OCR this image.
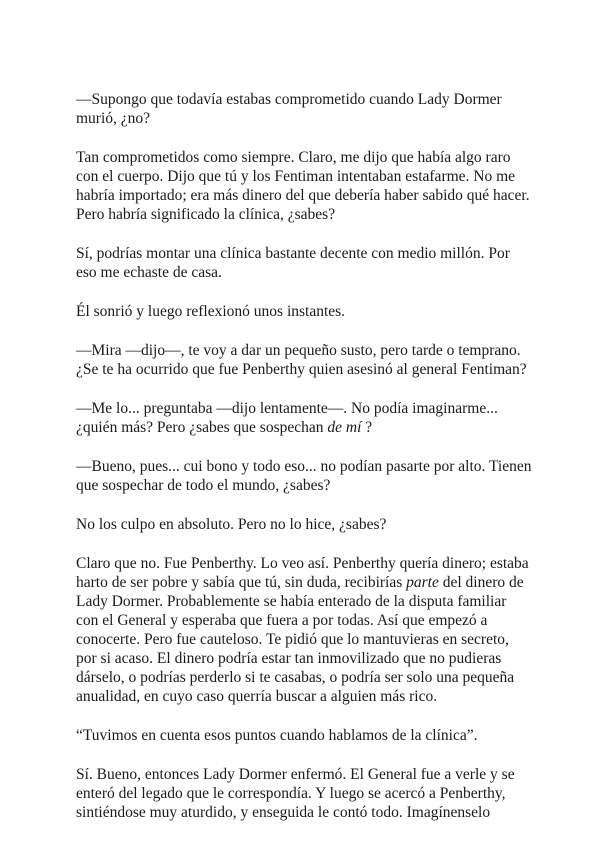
—Supongo que todavía estabas comprometido cuando Lady Dormer murió, ¿no?

Tan comprometidos como siempre. Claro, me dijo que había algo raro con el cuerpo. Dijo que tú y los Fentiman intentaban estafarme. No me habría importado; era más dinero del que debería haber sabido qué hacer. Pero habría significado la clínica, ¿sabes?

Sí, podrías montar una clínica bastante decente con medio millón. Por eso me echaste de casa.

Él sonrió y luego reflexionó unos instantes.

—Mira —dijo—, te voy a dar un pequeño susto, pero tarde o temprano. ¿Se te ha ocurrido que fue Penberthy quien asesinó al general Fentiman?

—Me lo... preguntaba —dijo lentamente—. No podía imaginarme... ¿quién más? Pero ¿sabes que sospechan de mí ?

—Bueno, pues... cui bono y todo eso... no podían pasarte por alto. Tienen que sospechar de todo el mundo, ¿sabes?

No los culpo en absoluto. Pero no lo hice, ¿sabes?

Claro que no. Fue Penberthy. Lo veo así. Penberthy quería dinero; estaba harto de ser pobre y sabía que tú, sin duda, recibirías parte del dinero de Lady Dormer. Probablemente se había enterado de la disputa familiar con el General y esperaba que fuera a por todas. Así que empezó a conocerte. Pero fue cauteloso. Te pidió que lo mantuvieras en secreto, por si acaso. El dinero podría estar tan inmovilizado que no pudieras dárselo, o podrías perderlo si te casabas, o podría ser solo una pequeña anualidad, en cuyo caso querría buscar a alguien más rico.

“Tuvimos en cuenta esos puntos cuando hablamos de la clínica”.

Sí. Bueno, entonces Lady Dormer enfermó. El General fue a verle y se enteró del legado que le correspondía. Y luego se acercó a Penberthy, sintiéndose muy aturdido, y enseguida le contó todo. Imagínenselo
